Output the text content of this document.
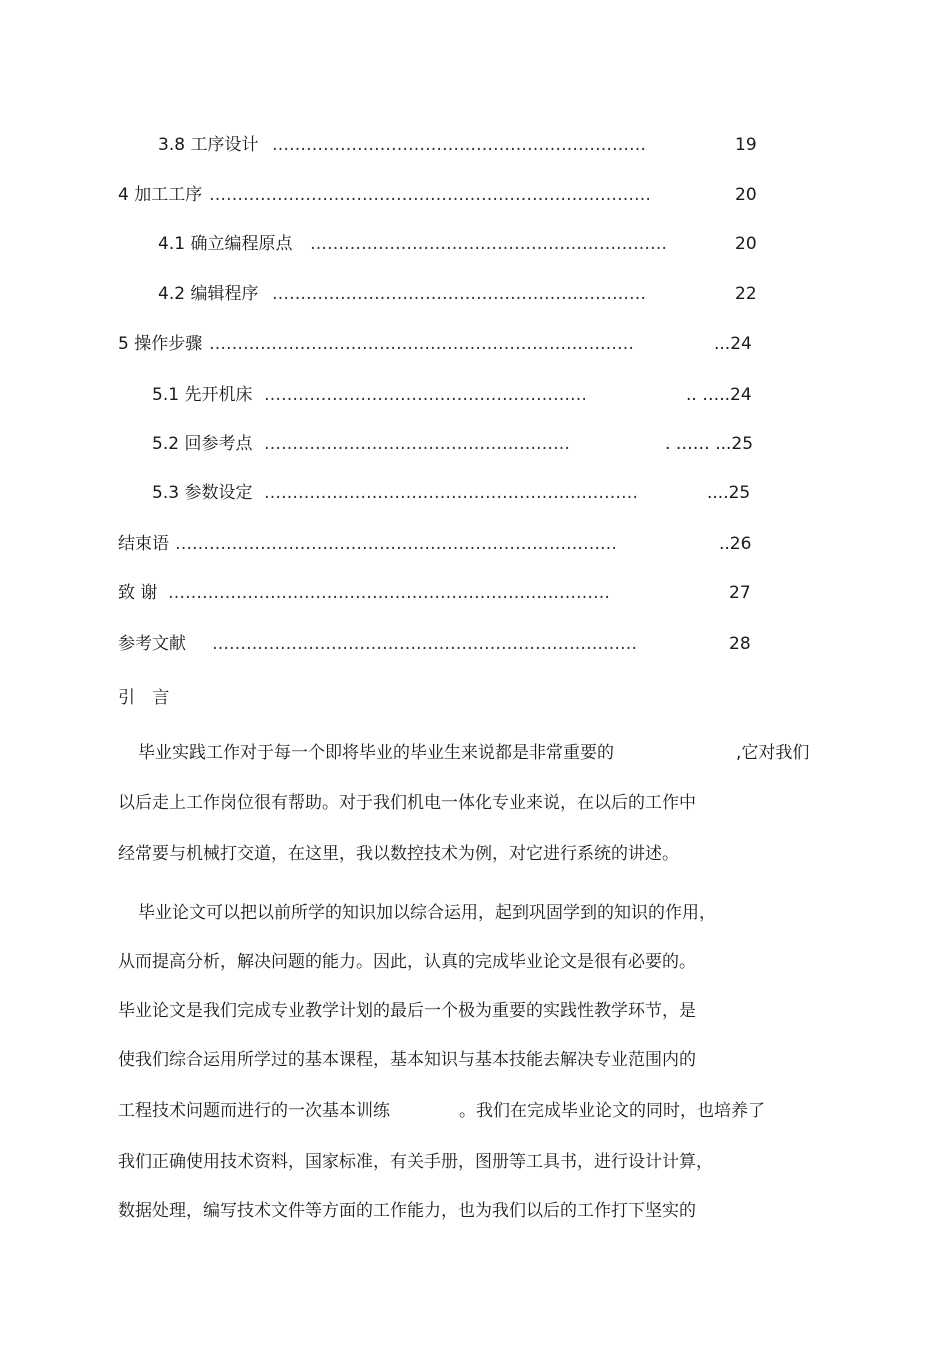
3.8 工序设计 …………………………………………………………	19
4 加工工序 ……………………………………………………………………	20
4.1 确立编程原点 ………………………………………………………	20
4.2 编辑程序 …………………………………………………………	22
5 操作步骤 …………………………………………………………………	...24
5.1 先开机床 …………………………………………………	.. …..24
5.2 回参考点 ………………………………………………	. …… ...25
5.3 参数设定 …………………………………………………………	....25
结束语 ……………………………………………………………………	..26
致 谢 ……………………………………………………………………	27
参考文献 …………………………………………………………………	28
引 言
毕业实践工作对于每一个即将毕业的毕业生来说都是非常重要的	,它对我们
以后走上工作岗位很有帮助。对于我们机电一体化专业来说，在以后的工作中
经常要与机械打交道，在这里，我以数控技术为例，对它进行系统的讲述。
毕业论文可以把以前所学的知识加以综合运用，起到巩固学到的知识的作用，
从而提高分析，解决问题的能力。因此，认真的完成毕业论文是很有必要的。
毕业论文是我们完成专业教学计划的最后一个极为重要的实践性教学环节，是
使我们综合运用所学过的基本课程，基本知识与基本技能去解决专业范围内的
工程技术问题而进行的一次基本训练	。我们在完成毕业论文的同时，也培养了
我们正确使用技术资料，国家标准，有关手册，图册等工具书，进行设计计算，
数据处理，编写技术文件等方面的工作能力，也为我们以后的工作打下坚实的
